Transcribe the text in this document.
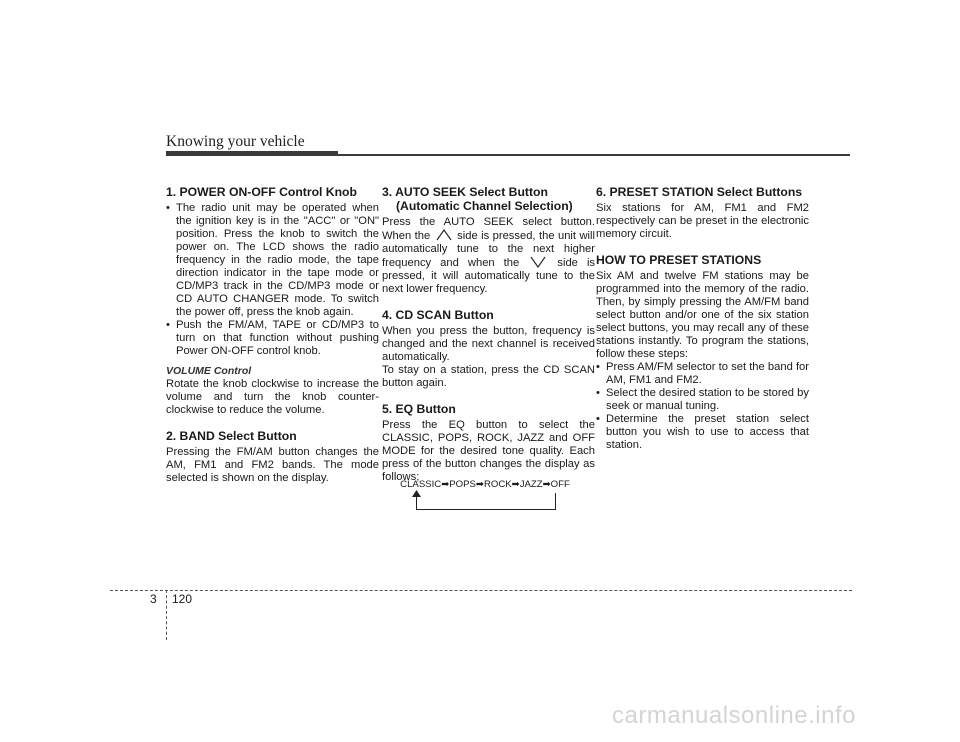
Knowing your vehicle
1. POWER ON-OFF Control Knob
• The radio unit may be operated when the ignition key is in the "ACC" or "ON" position. Press the knob to switch the power on. The LCD shows the radio frequency in the radio mode, the tape direction indicator in the tape mode or CD/MP3 track in the CD/MP3 mode or CD AUTO CHANGER mode. To switch the power off, press the knob again.
• Push the FM/AM, TAPE or CD/MP3 to turn on that function without pushing Power ON-OFF control knob.
VOLUME Control

Rotate the knob clockwise to increase the volume and turn the knob counter-clockwise to reduce the volume.

2. BAND Select Button

Pressing the FM/AM button changes the AM, FM1 and FM2 bands. The mode selected is shown on the display.

3. AUTO SEEK Select Button (Automatic Channel Selection)

Press the AUTO SEEK select button. When the side is pressed, the unit will automatically tune to the next higher frequency and when the	side is pressed, it will automatically tune to the next lower frequency.

4. CD SCAN Button

When you press the button, frequency is changed and the next channel is received automatically.

To stay on a station, press the CD SCAN button again.

5. EQ Button

Press the EQ button to select the CLASSIC, POPS, ROCK, JAZZ and OFF MODE for the desired tone quality. Each press of the button changes the display as follows;

CLASSIC➡POPS➡ROCK➡JAZZ➡OFF
6. PRESET STATION Select Buttons

Six stations for AM, FM1 and FM2 respectively can be preset in the electronic memory circuit.

HOW TO PRESET STATIONS

Six AM and twelve FM stations may be programmed into the memory of the radio. Then, by simply pressing the AM/FM band select button and/or one of the six station select buttons, you may recall any of these stations instantly. To program the stations, follow these steps:

• Press AM/FM selector to set the band for AM, FM1 and FM2.
• Select the desired station to be stored by seek or manual tuning.
• Determine the preset station select button you wish to use to access that station.
3 120
carmanualsonline.info
